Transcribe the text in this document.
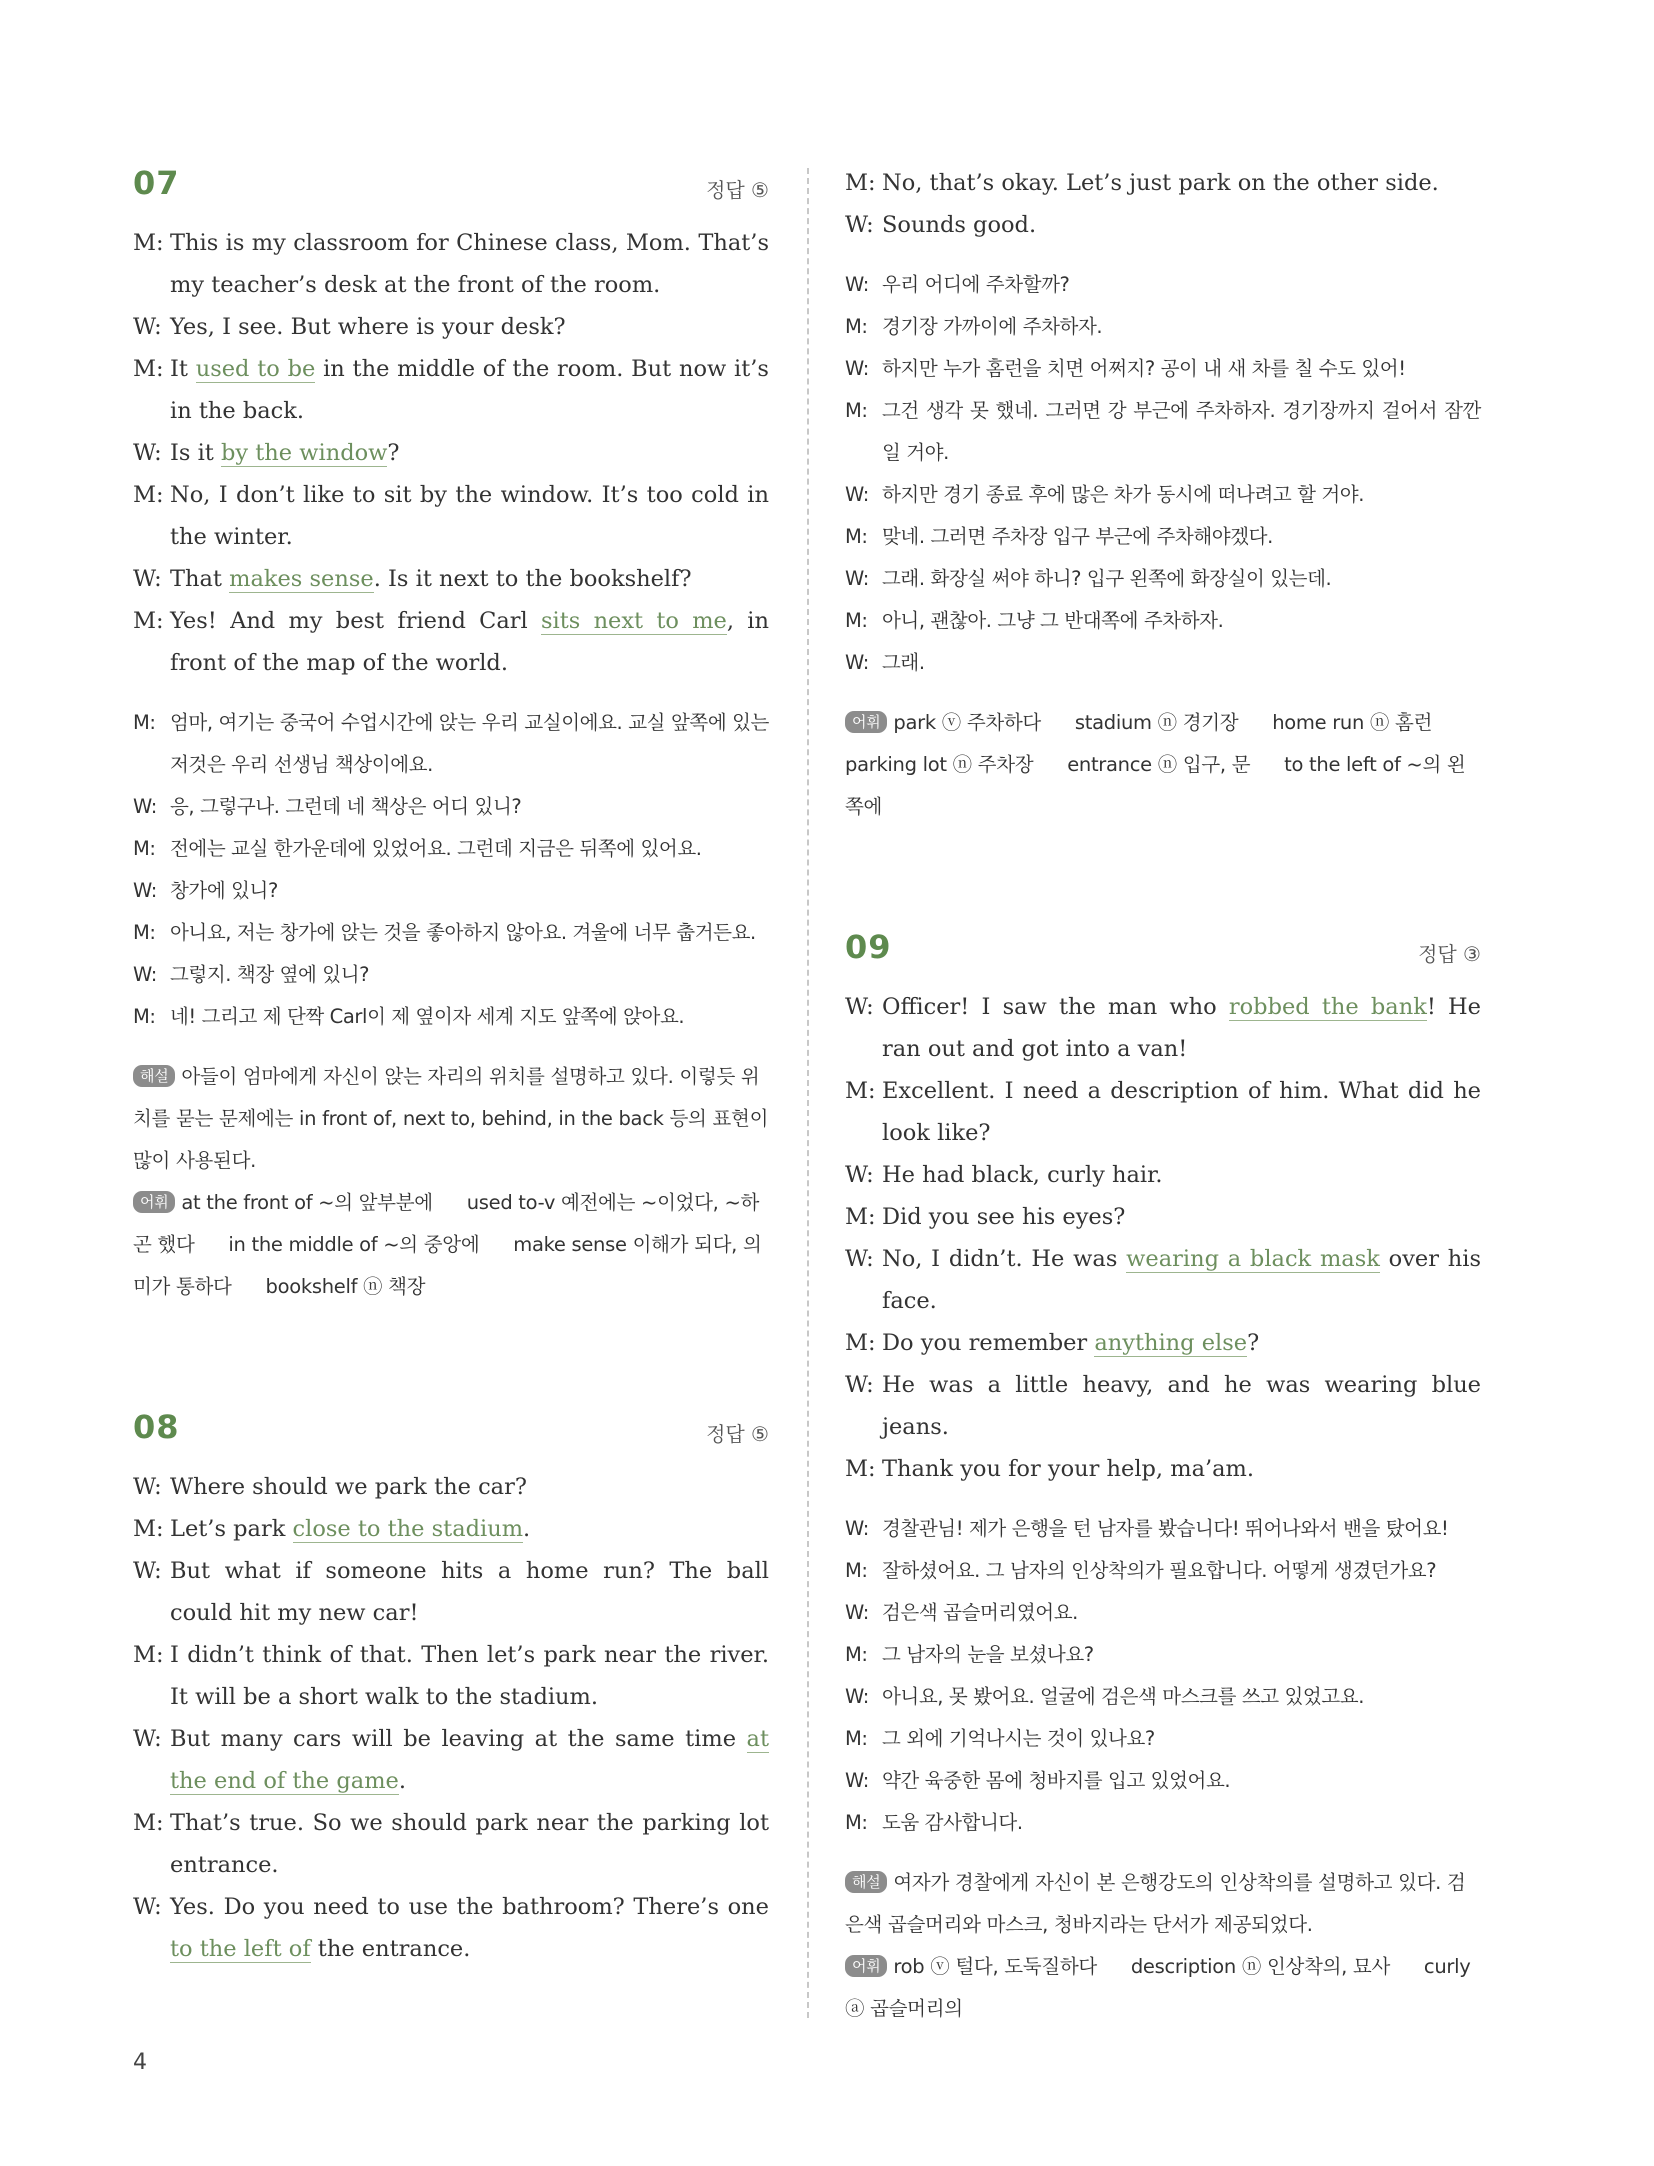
07	정답 ⑤
M: This is my classroom for Chinese class, Mom. That’s my teacher’s desk at the front of the room.
W: Yes, I see. But where is your desk?
M: It used to be in the middle of the room. But now it’s in the back.
W: Is it by the window?
M: No, I don’t like to sit by the window. It’s too cold in the winter.
W: That makes sense. Is it next to the bookshelf?
M: Yes! And my best friend Carl sits next to me, in front of the map of the world.
M: 엄마, 여기는 중국어 수업시간에 앉는 우리 교실이에요. 교실 앞쪽에 있는 저것은 우리 선생님 책상이에요.
W: 응, 그렇구나. 그런데 네 책상은 어디 있니?
M: 전에는 교실 한가운데에 있었어요. 그런데 지금은 뒤쪽에 있어요.
W: 창가에 있니?
M: 아니요, 저는 창가에 앉는 것을 좋아하지 않아요. 겨울에 너무 춥거든요.
W: 그렇지. 책장 옆에 있니?
M: 네! 그리고 제 단짝 Carl이 제 옆이자 세계 지도 앞쪽에 앉아요.
해설 아들이 엄마에게 자신이 앉는 자리의 위치를 설명하고 있다. 이렇듯 위치를 묻는 문제에는 in front of, next to, behind, in the back 등의 표현이 많이 사용된다.
어휘 at the front of ~의 앞부분에 used to-v 예전에는 ~이었다, ~하곤 했다 in the middle of ~의 중앙에 make sense 이해가 되다, 의미가 통하다 bookshelf ⓝ 책장
08	정답 ⑤
W: Where should we park the car?
M: Let’s park close to the stadium.
W: But what if someone hits a home run? The ball could hit my new car!
M: I didn’t think of that. Then let’s park near the river. It will be a short walk to the stadium.
W: But many cars will be leaving at the same time at the end of the game.
M: That’s true. So we should park near the parking lot entrance.
W: Yes. Do you need to use the bathroom? There’s one to the left of the entrance.
M: No, that’s okay. Let’s just park on the other side.
W: Sounds good.
W: 우리 어디에 주차할까?
M: 경기장 가까이에 주차하자.
W: 하지만 누가 홈런을 치면 어쩌지? 공이 내 새 차를 칠 수도 있어!
M: 그건 생각 못 했네. 그러면 강 부근에 주차하자. 경기장까지 걸어서 잠깐일 거야.
W: 하지만 경기 종료 후에 많은 차가 동시에 떠나려고 할 거야.
M: 맞네. 그러면 주차장 입구 부근에 주차해야겠다.
W: 그래. 화장실 써야 하니? 입구 왼쪽에 화장실이 있는데.
M: 아니, 괜찮아. 그냥 그 반대쪽에 주차하자.
W: 그래.
어휘 park ⓥ 주차하다 stadium ⓝ 경기장 home run ⓝ 홈런 parking lot ⓝ 주차장 entrance ⓝ 입구, 문 to the left of ~의 왼쪽에
09	정답 ③
W: Officer! I saw the man who robbed the bank! He ran out and got into a van!
M: Excellent. I need a description of him. What did he look like?
W: He had black, curly hair.
M: Did you see his eyes?
W: No, I didn’t. He was wearing a black mask over his face.
M: Do you remember anything else?
W: He was a little heavy, and he was wearing blue jeans.
M: Thank you for your help, ma’am.
W: 경찰관님! 제가 은행을 턴 남자를 봤습니다! 뛰어나와서 밴을 탔어요!
M: 잘하셨어요. 그 남자의 인상착의가 필요합니다. 어떻게 생겼던가요?
W: 검은색 곱슬머리였어요.
M: 그 남자의 눈을 보셨나요?
W: 아니요, 못 봤어요. 얼굴에 검은색 마스크를 쓰고 있었고요.
M: 그 외에 기억나시는 것이 있나요?
W: 약간 육중한 몸에 청바지를 입고 있었어요.
M: 도움 감사합니다.
해설 여자가 경찰에게 자신이 본 은행강도의 인상착의를 설명하고 있다. 검은색 곱슬머리와 마스크, 청바지라는 단서가 제공되었다.
어휘 rob ⓥ 털다, 도둑질하다 description ⓝ 인상착의, 묘사 curly ⓐ 곱슬머리의
4
